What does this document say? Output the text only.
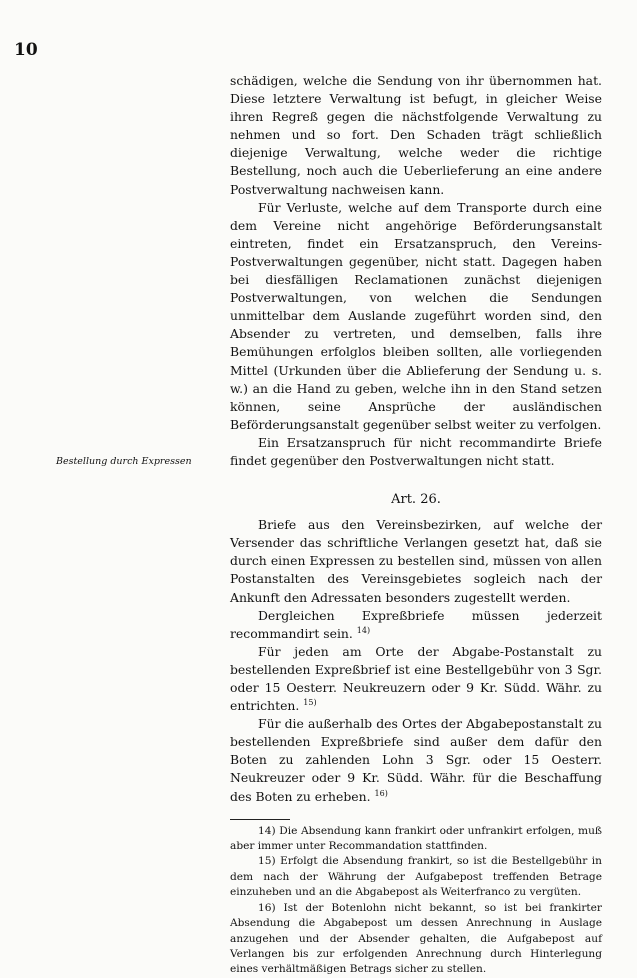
10
Bestellung durch Expressen

schädigen, welche die Sendung von ihr übernommen hat. Diese letztere Verwaltung ist befugt, in gleicher Weise ihren Regreß gegen die nächstfolgende Verwaltung zu nehmen und so fort. Den Schaden trägt schließlich diejenige Verwaltung, welche weder die richtige Bestellung, noch auch die Ueberlieferung an eine andere Postverwaltung nachweisen kann.

Für Verluste, welche auf dem Transporte durch eine dem Vereine nicht angehörige Beförderungsanstalt eintreten, findet ein Ersatzanspruch, den Vereins-Postverwaltungen gegenüber, nicht statt. Dagegen haben bei diesfälligen Reclamationen zunächst diejenigen Postverwaltungen, von welchen die Sendungen unmittelbar dem Auslande zugeführt worden sind, den Absender zu vertreten, und demselben, falls ihre Bemühungen erfolglos bleiben sollten, alle vorliegenden Mittel (Urkunden über die Ablieferung der Sendung u. s. w.) an die Hand zu geben, welche ihn in den Stand setzen können, seine Ansprüche der ausländischen Beförderungsanstalt gegenüber selbst weiter zu verfolgen.

Ein Ersatzanspruch für nicht recommandirte Briefe findet gegenüber den Postverwaltungen nicht statt.

Art. 26.

Briefe aus den Vereinsbezirken, auf welche der Versender das schriftliche Verlangen gesetzt hat, daß sie durch einen Expressen zu bestellen sind, müssen von allen Postanstalten des Vereinsgebietes sogleich nach der Ankunft den Adressaten besonders zugestellt werden.

Dergleichen Expreßbriefe müssen jederzeit recommandirt sein. $^{14)}$

Für jeden am Orte der Abgabe-Postanstalt zu bestellenden Expreßbrief ist eine Bestellgebühr von 3 Sgr. oder 15 Oesterr. Neukreuzern oder 9 Kr. Südd. Währ. zu entrichten. $^{15)}$

Für die außerhalb des Ortes der Abgabepostanstalt zu bestellenden Expreßbriefe sind außer dem dafür den Boten zu zahlenden Lohn 3 Sgr. oder 15 Oesterr. Neukreuzer oder 9 Kr. Südd. Währ. für die Beschaffung des Boten zu erheben. $^{16)}$

14) Die Absendung kann frankirt oder unfrankirt erfolgen, muß aber immer unter Recommandation stattfinden.

15) Erfolgt die Absendung frankirt, so ist die Bestellgebühr in dem nach der Währung der Aufgabepost treffenden Betrage einzuheben und an die Abgabepost als Weiterfranco zu vergüten.

16) Ist der Botenlohn nicht bekannt, so ist bei frankirter Absendung die Abgabepost um dessen Anrechnung in Auslage anzugehen und der Absender gehalten, die Aufgabepost auf Verlangen bis zur erfolgenden Anrechnung durch Hinterlegung eines verhältmäßigen Betrags sicher zu stellen.
